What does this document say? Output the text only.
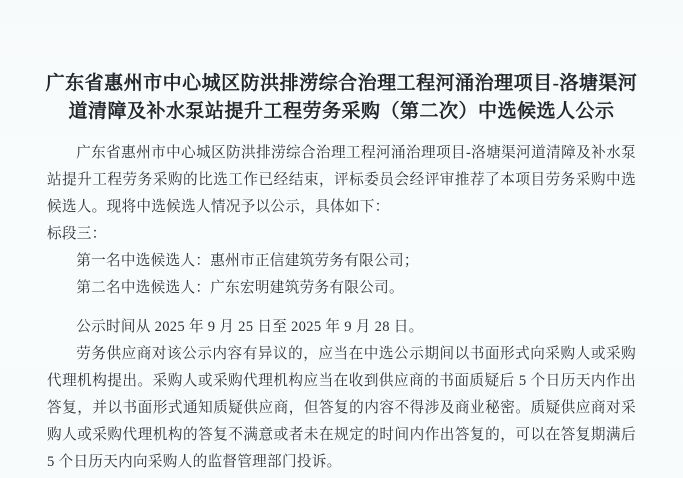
广东省惠州市中心城区防洪排涝综合治理工程河涌治理项目-洛塘渠河道清障及补水泵站提升工程劳务采购（第二次）中选候选人公示

广东省惠州市中心城区防洪排涝综合治理工程河涌治理项目-洛塘渠河道清障及补水泵站提升工程劳务采购的比选工作已经结束，评标委员会经评审推荐了本项目劳务采购中选候选人。现将中选候选人情况予以公示，具体如下：

标段三：

第一名中选候选人：惠州市正信建筑劳务有限公司；

第二名中选候选人：广东宏明建筑劳务有限公司。

公示时间从 2025 年 9 月 25 日至 2025 年 9 月 28 日。

劳务供应商对该公示内容有异议的，应当在中选公示期间以书面形式向采购人或采购代理机构提出。采购人或采购代理机构应当在收到供应商的书面质疑后 5 个日历天内作出答复，并以书面形式通知质疑供应商，但答复的内容不得涉及商业秘密。质疑供应商对采购人或采购代理机构的答复不满意或者未在规定的时间内作出答复的，可以在答复期满后 5 个日历天内向采购人的监督管理部门投诉。
